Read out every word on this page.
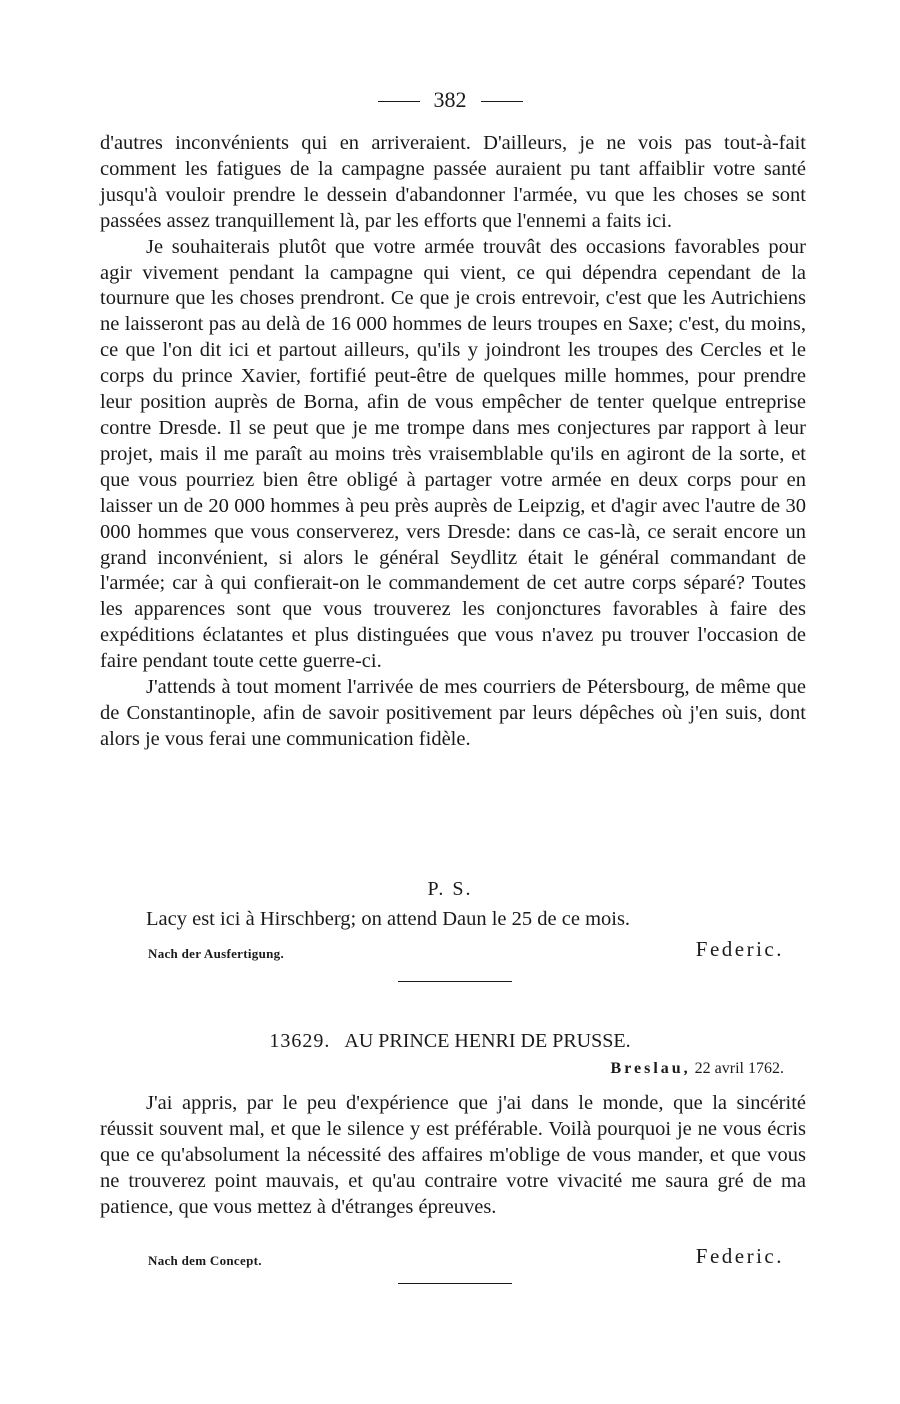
382

d'autres inconvénients qui en arriveraient. D'ailleurs, je ne vois pas tout-à-fait comment les fatigues de la campagne passée auraient pu tant affaiblir votre santé jusqu'à vouloir prendre le dessein d'abandonner l'armée, vu que les choses se sont passées assez tranquillement là, par les efforts que l'ennemi a faits ici.

Je souhaiterais plutôt que votre armée trouvât des occasions favorables pour agir vivement pendant la campagne qui vient, ce qui dépendra cependant de la tournure que les choses prendront. Ce que je crois entrevoir, c'est que les Autrichiens ne laisseront pas au delà de 16 000 hommes de leurs troupes en Saxe; c'est, du moins, ce que l'on dit ici et partout ailleurs, qu'ils y joindront les troupes des Cercles et le corps du prince Xavier, fortifié peut-être de quelques mille hommes, pour prendre leur position auprès de Borna, afin de vous empêcher de tenter quelque entreprise contre Dresde. Il se peut que je me trompe dans mes conjectures par rapport à leur projet, mais il me paraît au moins très vraisemblable qu'ils en agiront de la sorte, et que vous pourriez bien être obligé à partager votre armée en deux corps pour en laisser un de 20 000 hommes à peu près auprès de Leipzig, et d'agir avec l'autre de 30 000 hommes que vous conserverez, vers Dresde: dans ce cas-là, ce serait encore un grand inconvénient, si alors le général Seydlitz était le général commandant de l'armée; car à qui confierait-on le commandement de cet autre corps séparé? Toutes les apparences sont que vous trouverez les conjonctures favorables à faire des expéditions éclatantes et plus distinguées que vous n'avez pu trouver l'occasion de faire pendant toute cette guerre-ci.

J'attends à tout moment l'arrivée de mes courriers de Pétersbourg, de même que de Constantinople, afin de savoir positivement par leurs dépêches où j'en suis, dont alors je vous ferai une communication fidèle.

P. S.
Lacy est ici à Hirschberg; on attend Daun le 25 de ce mois.
Nach der Ausfertigung.	Federic.
13629. AU PRINCE HENRI DE PRUSSE.
Breslau, 22 avril 1762.

J'ai appris, par le peu d'expérience que j'ai dans le monde, que la sincérité réussit souvent mal, et que le silence y est préférable. Voilà pourquoi je ne vous écris que ce qu'absolument la nécessité des affaires m'oblige de vous mander, et que vous ne trouverez point mauvais, et qu'au contraire votre vivacité me saura gré de ma patience, que vous mettez à d'étranges épreuves.

Nach dem Concept.	Federic.
